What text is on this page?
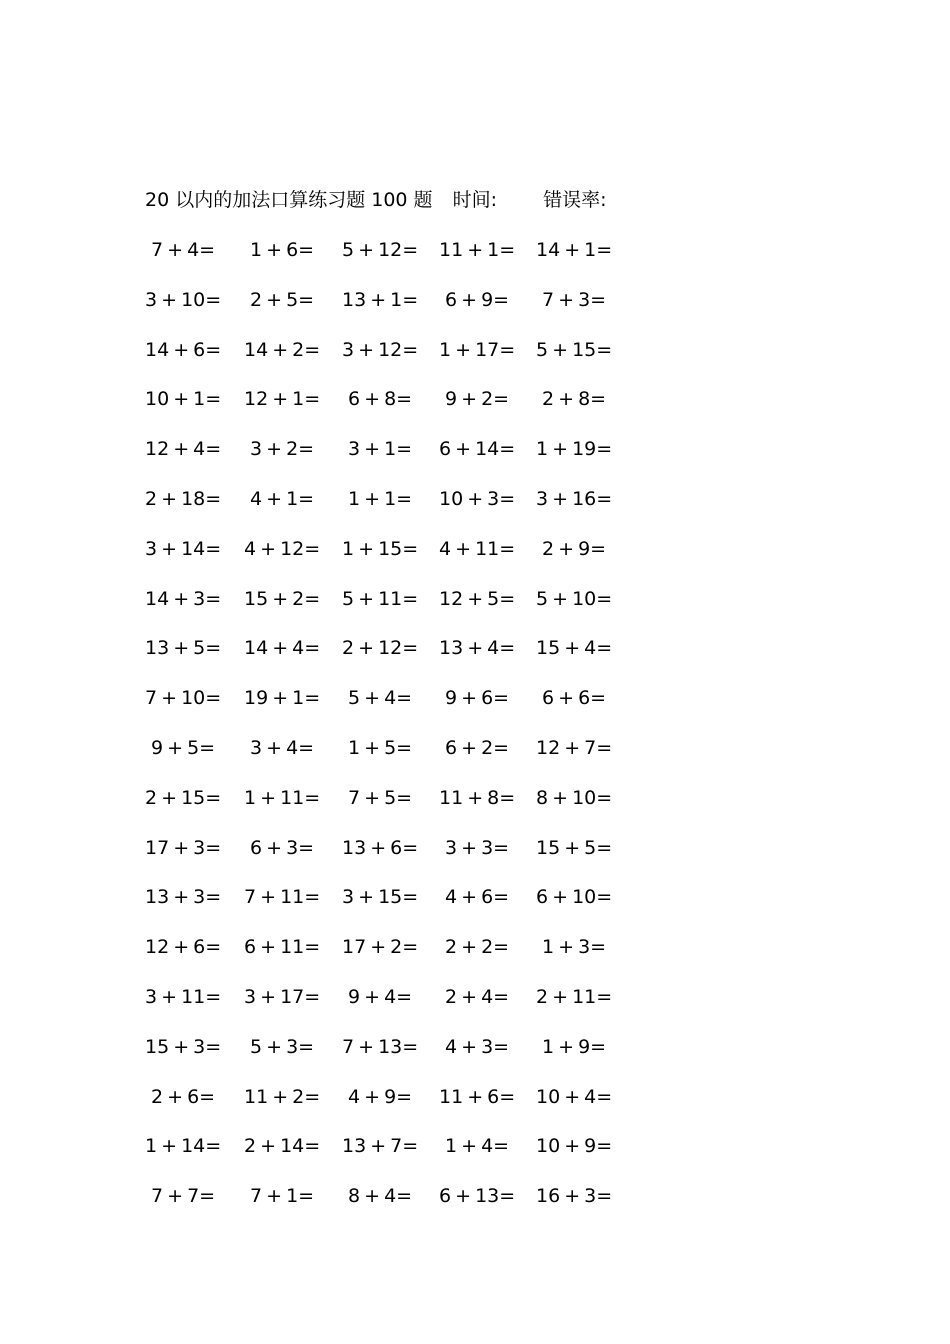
20 以内的加法口算练习题 100 题 时间: 错误率:
7 + 4= 1 + 6= 5 + 12= 11 + 1= 14 + 1=
3 + 10= 2 + 5= 13 + 1= 6 + 9= 7 + 3=
14 + 6= 14 + 2= 3 + 12= 1 + 17= 5 + 15=
10 + 1= 12 + 1= 6 + 8= 9 + 2= 2 + 8=
12 + 4= 3 + 2= 3 + 1= 6 + 14= 1 + 19=
2 + 18= 4 + 1= 1 + 1= 10 + 3= 3 + 16=
3 + 14= 4 + 12= 1 + 15= 4 + 11= 2 + 9=
14 + 3= 15 + 2= 5 + 11= 12 + 5= 5 + 10=
13 + 5= 14 + 4= 2 + 12= 13 + 4= 15 + 4=
7 + 10= 19 + 1= 5 + 4= 9 + 6= 6 + 6=
9 + 5= 3 + 4= 1 + 5= 6 + 2= 12 + 7=
2 + 15= 1 + 11= 7 + 5= 11 + 8= 8 + 10=
17 + 3= 6 + 3= 13 + 6= 3 + 3= 15 + 5=
13 + 3= 7 + 11= 3 + 15= 4 + 6= 6 + 10=
12 + 6= 6 + 11= 17 + 2= 2 + 2= 1 + 3=
3 + 11= 3 + 17= 9 + 4= 2 + 4= 2 + 11=
15 + 3= 5 + 3= 7 + 13= 4 + 3= 1 + 9=
2 + 6= 11 + 2= 4 + 9= 11 + 6= 10 + 4=
1 + 14= 2 + 14= 13 + 7= 1 + 4= 10 + 9=
7 + 7= 7 + 1= 8 + 4= 6 + 13= 16 + 3=
